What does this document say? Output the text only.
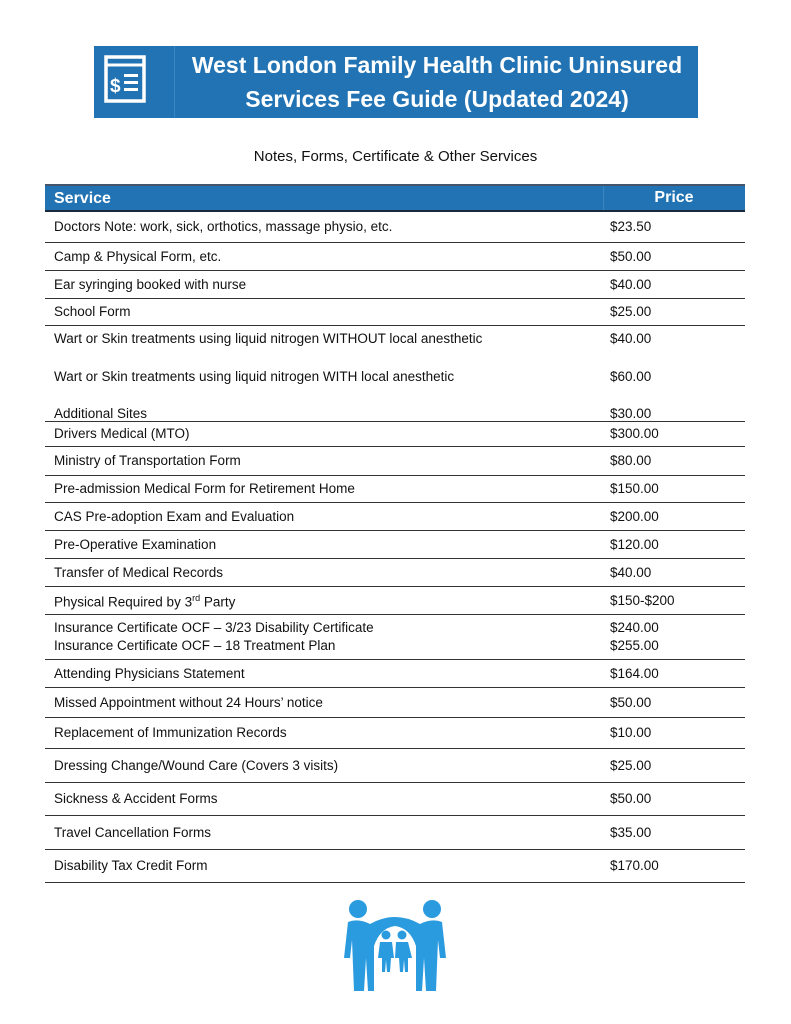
$
West London Family Health Clinic Uninsured
Services Fee Guide (Updated 2024)
Notes, Forms, Certificate & Other Services
Service	Price
Doctors Note: work, sick, orthotics, massage physio, etc.	$23.50
Camp & Physical Form, etc.	$50.00
Ear syringing booked with nurse	$40.00
School Form	$25.00
Wart or Skin treatments using liquid nitrogen WITHOUT local anesthetic	$40.00
Wart or Skin treatments using liquid nitrogen WITH local anesthetic	$60.00
Additional Sites	$30.00
Drivers Medical (MTO)	$300.00
Ministry of Transportation Form	$80.00
Pre-admission Medical Form for Retirement Home	$150.00
CAS Pre-adoption Exam and Evaluation	$200.00
Pre-Operative Examination	$120.00
Transfer of Medical Records	$40.00
Physical Required by 3rd Party	$150-$200
Insurance Certificate OCF – 3/23 Disability Certificate	$240.00
Insurance Certificate OCF – 18 Treatment Plan	$255.00
Attending Physicians Statement	$164.00
Missed Appointment without 24 Hours’ notice	$50.00
Replacement of Immunization Records	$10.00
Dressing Change/Wound Care (Covers 3 visits)	$25.00
Sickness & Accident Forms	$50.00
Travel Cancellation Forms	$35.00
Disability Tax Credit Form	$170.00
